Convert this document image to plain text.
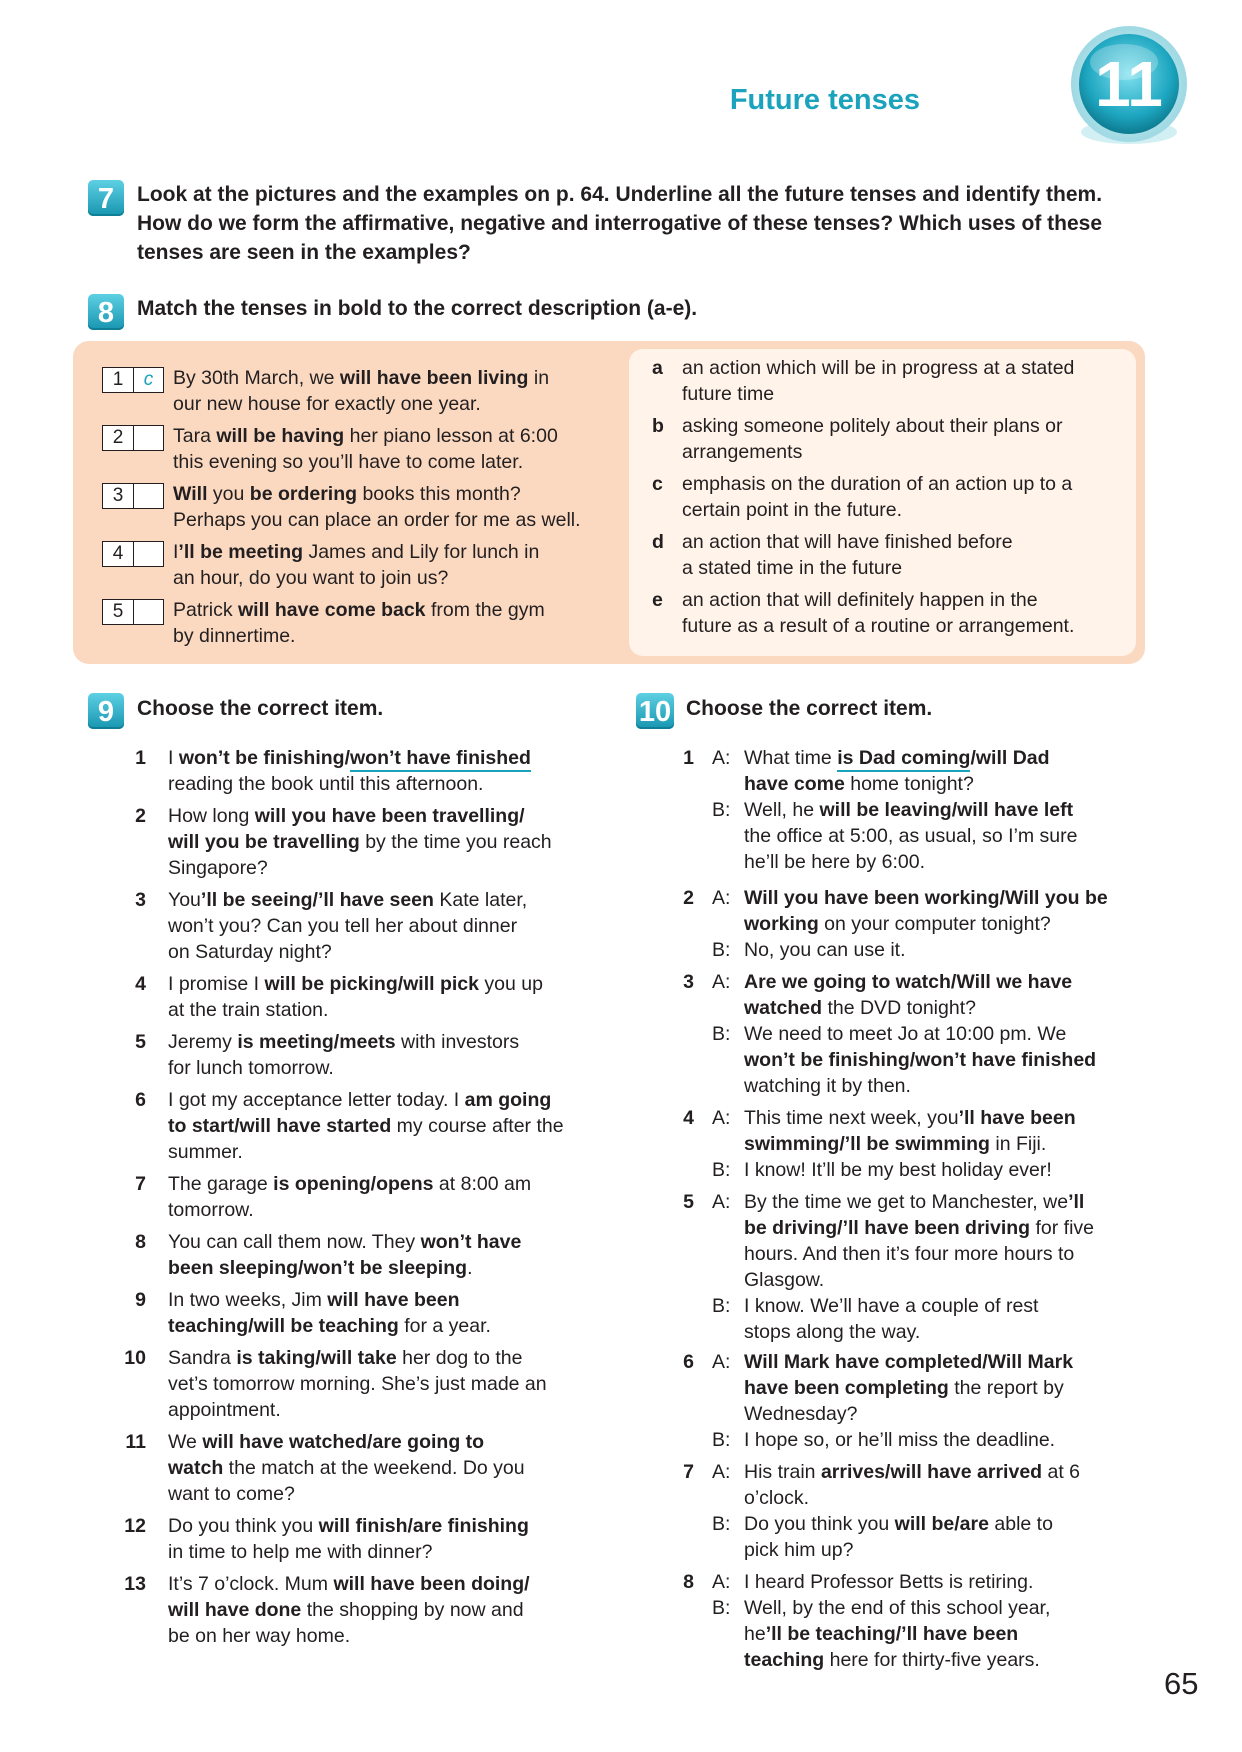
Future tenses	11
7	Look at the pictures and the examples on p. 64. Underline all the future tenses and identify them.
How do we form the affirmative, negative and interrogative of these tenses? Which uses of these
tenses are seen in the examples?
8	Match the tenses in bold to the correct description (a-e).
1	c	By 30th March, we will have been living in
our new house for exactly one year.
2	Tara will be having her piano lesson at 6:00
this evening so you’ll have to come later.
3	Will you be ordering books this month?
Perhaps you can place an order for me as well.
4	I’ll be meeting James and Lily for lunch in
an hour, do you want to join us?
5	Patrick will have come back from the gym
by dinnertime.
a an action which will be in progress at a stated
future time
b asking someone politely about their plans or
arrangements
c emphasis on the duration of an action up to a
certain point in the future.
d an action that will have finished before
a stated time in the future
e an action that will definitely happen in the
future as a result of a routine or arrangement.
9	Choose the correct item.
1 I won’t be finishing/won’t have finished
reading the book until this afternoon.
2 How long will you have been travelling/
will you be travelling by the time you reach
Singapore?
3 You’ll be seeing/’ll have seen Kate later,
won’t you? Can you tell her about dinner
on Saturday night?
4 I promise I will be picking/will pick you up
at the train station.
5 Jeremy is meeting/meets with investors
for lunch tomorrow.
6 I got my acceptance letter today. I am going
to start/will have started my course after the
summer.
7 The garage is opening/opens at 8:00 am
tomorrow.
8 You can call them now. They won’t have
been sleeping/won’t be sleeping.
9 In two weeks, Jim will have been
teaching/will be teaching for a year.
10 Sandra is taking/will take her dog to the
vet’s tomorrow morning. She’s just made an
appointment.
11 We will have watched/are going to
watch the match at the weekend. Do you
want to come?
12 Do you think you will finish/are finishing
in time to help me with dinner?
13 It’s 7 o’clock. Mum will have been doing/
will have done the shopping by now and
be on her way home.
10 Choose the correct item.
1 A: What time is Dad coming/will Dad
have come home tonight?
B: Well, he will be leaving/will have left
the office at 5:00, as usual, so I’m sure
he’ll be here by 6:00.
2 A: Will you have been working/Will you be
working on your computer tonight?
B: No, you can use it.
3 A: Are we going to watch/Will we have
watched the DVD tonight?
B: We need to meet Jo at 10:00 pm. We
won’t be finishing/won’t have finished
watching it by then.
4 A: This time next week, you’ll have been
swimming/’ll be swimming in Fiji.
B: I know! It’ll be my best holiday ever!
5 A: By the time we get to Manchester, we’ll
be driving/’ll have been driving for five
hours. And then it’s four more hours to
Glasgow.
B: I know. We’ll have a couple of rest
stops along the way.
6 A: Will Mark have completed/Will Mark
have been completing the report by
Wednesday?
B: I hope so, or he’ll miss the deadline.
7 A: His train arrives/will have arrived at 6
o’clock.
B: Do you think you will be/are able to
pick him up?
8 A: I heard Professor Betts is retiring.
B: Well, by the end of this school year,
he’ll be teaching/’ll have been
teaching here for thirty-five years.
65
